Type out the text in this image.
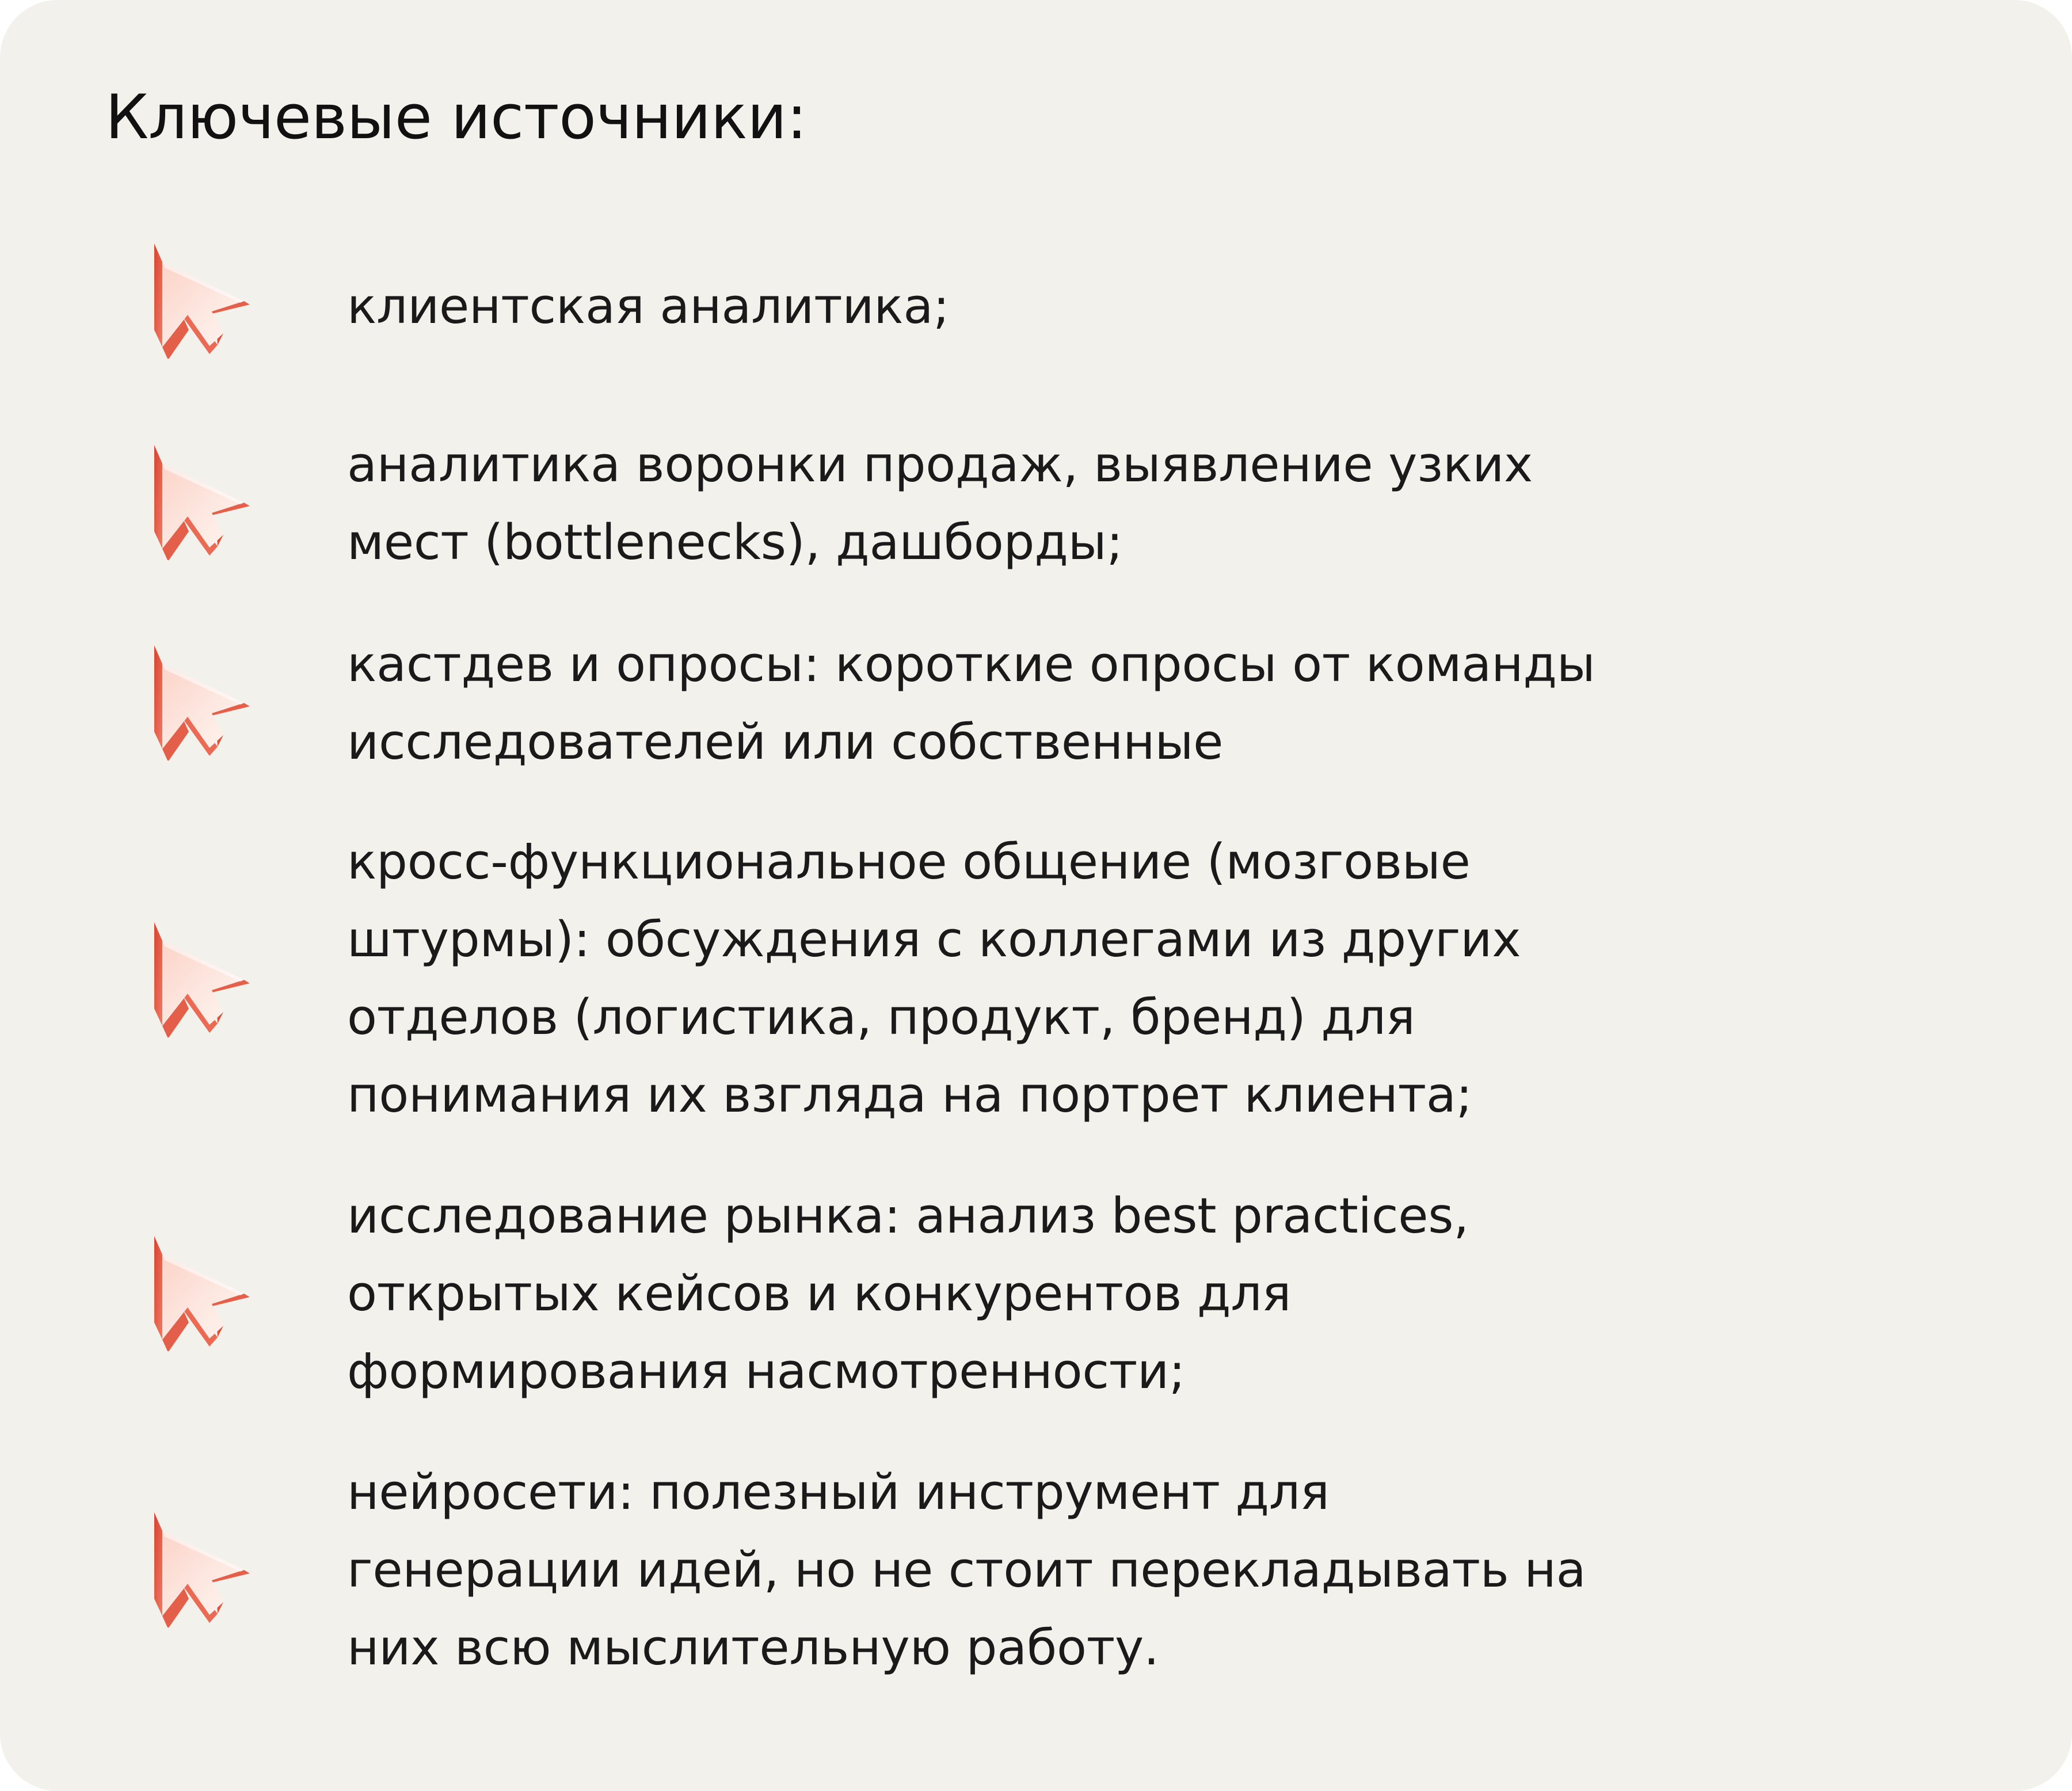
Ключевые источники:

клиентская аналитика;

аналитика воронки продаж, выявление узких
мест (bottlenecks), дашборды;

кастдев и опросы: короткие опросы от команды
исследователей или собственные

кросс-функциональное общение (мозговые
штурмы): обсуждения с коллегами из других
отделов (логистика, продукт, бренд) для
понимания их взгляда на портрет клиента;

исследование рынка: анализ best practices,
открытых кейсов и конкурентов для
формирования насмотренности;

нейросети: полезный инструмент для
генерации идей, но не стоит перекладывать на
них всю мыслительную работу.
